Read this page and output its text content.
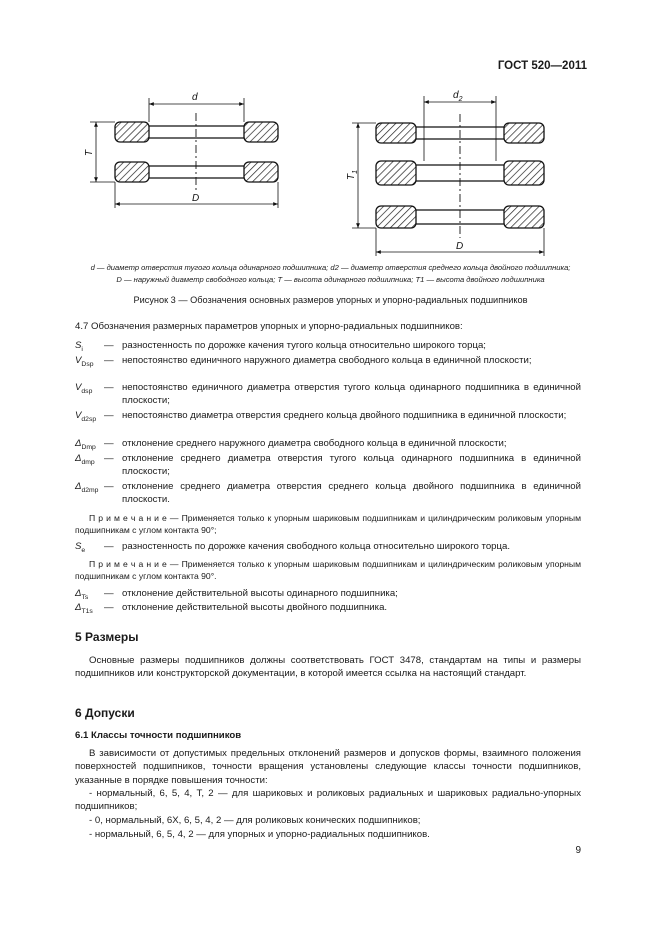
ГОСТ 520—2011
d	$d_2$
T
$T_1$
D
D
d — диаметр отверстия тугого кольца одинарного подшипника; d2 — диаметр отверстия среднего кольца двойного подшипника;
D — наружный диаметр свободного кольца; T — высота одинарного подшипника; T1 — высота двойного подшипника
Рисунок 3 — Обозначения основных размеров упорных и упорно-радиальных подшипников
4.7 Обозначения размерных параметров упорных и упорно-радиальных подшипников:
$S_i$	— разностенность по дорожке качения тугого кольца относительно широкого торца;
$V_{Dsp}$	— непостоянство единичного наружного диаметра свободного кольца в единичной плоскости;
$V_{dsp}$	— непостоянство единичного диаметра отверстия тугого кольца одинарного подшипника в единичной плоскости;
$V_{d2sp}$ — непостоянство диаметра отверстия среднего кольца двойного подшипника в единичной плоскости;
$\Delta_{Dmp}$ — отклонение среднего наружного диаметра свободного кольца в единичной плоскости;
$\Delta_{dmp}$ — отклонение среднего диаметра отверстия тугого кольца одинарного подшипника в единичной плоскости;
$\Delta_{d2mp}$ — отклонение среднего диаметра отверстия среднего кольца двойного подшипника в единичной плоскости.
П р и м е ч а н и е — Применяется только к упорным шариковым подшипникам и цилиндрическим роликовым упорным подшипникам с углом контакта 90°;
$S_e$	— разностенность по дорожке качения свободного кольца относительно широкого торца.
П р и м е ч а н и е — Применяется только к упорным шариковым подшипникам и цилиндрическим роликовым упорным подшипникам с углом контакта 90°.
$\Delta_{Ts}$	— отклонение действительной высоты одинарного подшипника;
$\Delta_{T1s}$	— отклонение действительной высоты двойного подшипника.
5 Размеры
Основные размеры подшипников должны соответствовать ГОСТ 3478, стандартам на типы и размеры подшипников или конструкторской документации, в которой имеется ссылка на настоящий стандарт.
6 Допуски
6.1 Классы точности подшипников
В зависимости от допустимых предельных отклонений размеров и допусков формы, взаимного положения поверхностей подшипников, точности вращения установлены следующие классы точности подшипников, указанные в порядке повышения точности:
- нормальный, 6, 5, 4, Т, 2 — для шариковых и роликовых радиальных и шариковых радиально-упорных подшипников;
- 0, нормальный, 6Х, 6, 5, 4, 2 — для роликовых конических подшипников;
- нормальный, 6, 5, 4, 2 — для упорных и упорно-радиальных подшипников.
9
